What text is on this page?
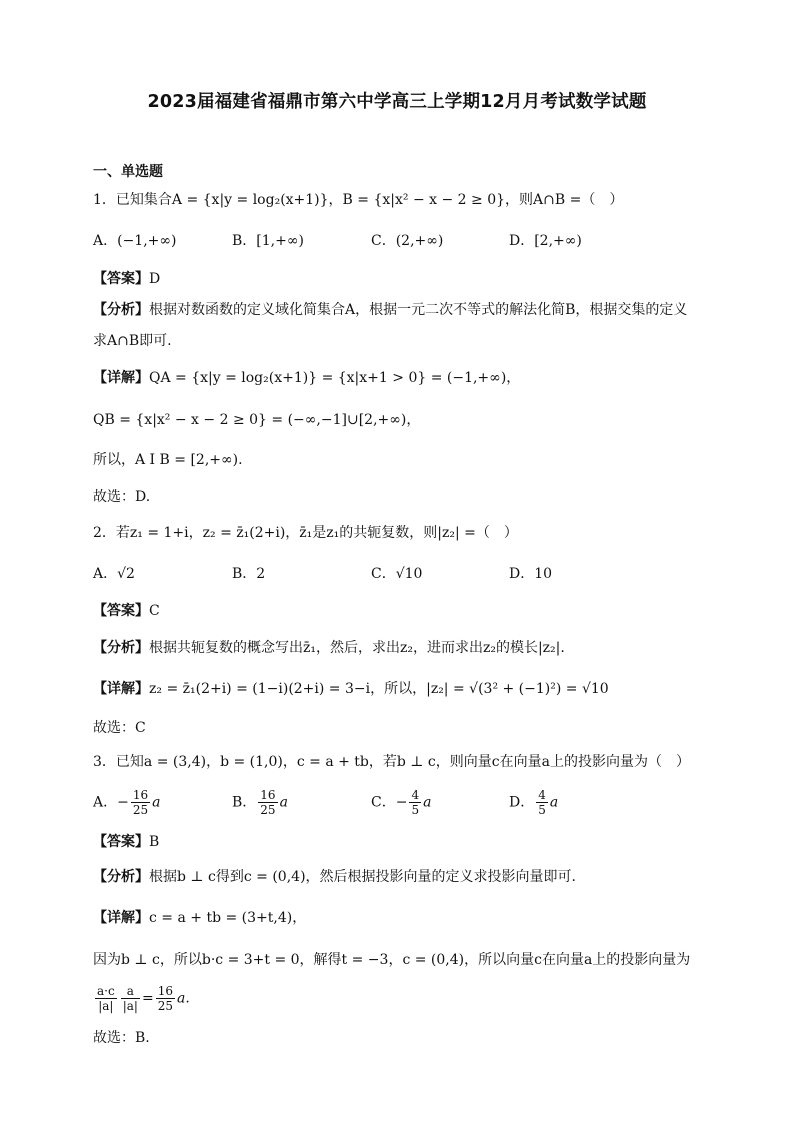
2023届福建省福鼎市第六中学高三上学期12月月考试数学试题
一、单选题
1．已知集合A = {x|y = log₂(x+1)}，B = {x|x² − x − 2 ≥ 0}，则A∩B =（　）
A．(−1,+∞)	B．[1,+∞)	C．(2,+∞)	D．[2,+∞)
【答案】D
【分析】根据对数函数的定义域化简集合A，根据一元二次不等式的解法化简B，根据交集的定义
求A∩B即可.
【详解】QA = {x|y = log₂(x+1)} = {x|x+1 > 0} = (−1,+∞)，
QB = {x|x² − x − 2 ≥ 0} = (−∞,−1]∪[2,+∞)，
所以，A I B = [2,+∞).
故选：D.
2．若z₁ = 1+i，z₂ = z̄₁(2+i)，z̄₁是z₁的共轭复数，则|z₂| =（　）
A．√2	B．2	C．√10	D．10
【答案】C
【分析】根据共轭复数的概念写出z̄₁，然后，求出z₂，进而求出z₂的模长|z₂|.
【详解】z₂ = z̄₁(2+i) = (1−i)(2+i) = 3−i，所以，|z₂| = √(3² + (−1)²) = √10
故选：C
3．已知a = (3,4)，b = (1,0)，c = a + tb，若b ⊥ c，则向量c在向量a上的投影向量为（　）
A．− $\frac{16}{25}$ a	B． $\frac{16}{25}$ a	C．− $\frac{4}{5}$ a	D． $\frac{4}{5}$ a
【答案】B
【分析】根据b ⊥ c得到c = (0,4)，然后根据投影向量的定义求投影向量即可.
【详解】c = a + tb = (3+t,4)，
因为b ⊥ c，所以b·c = 3+t = 0，解得t = −3，c = (0,4)，所以向量c在向量a上的投影向量为
$\frac{a\cdot c}{|a|} \frac{a}{|a|} = \frac{16}{25} a$.
故选：B.
